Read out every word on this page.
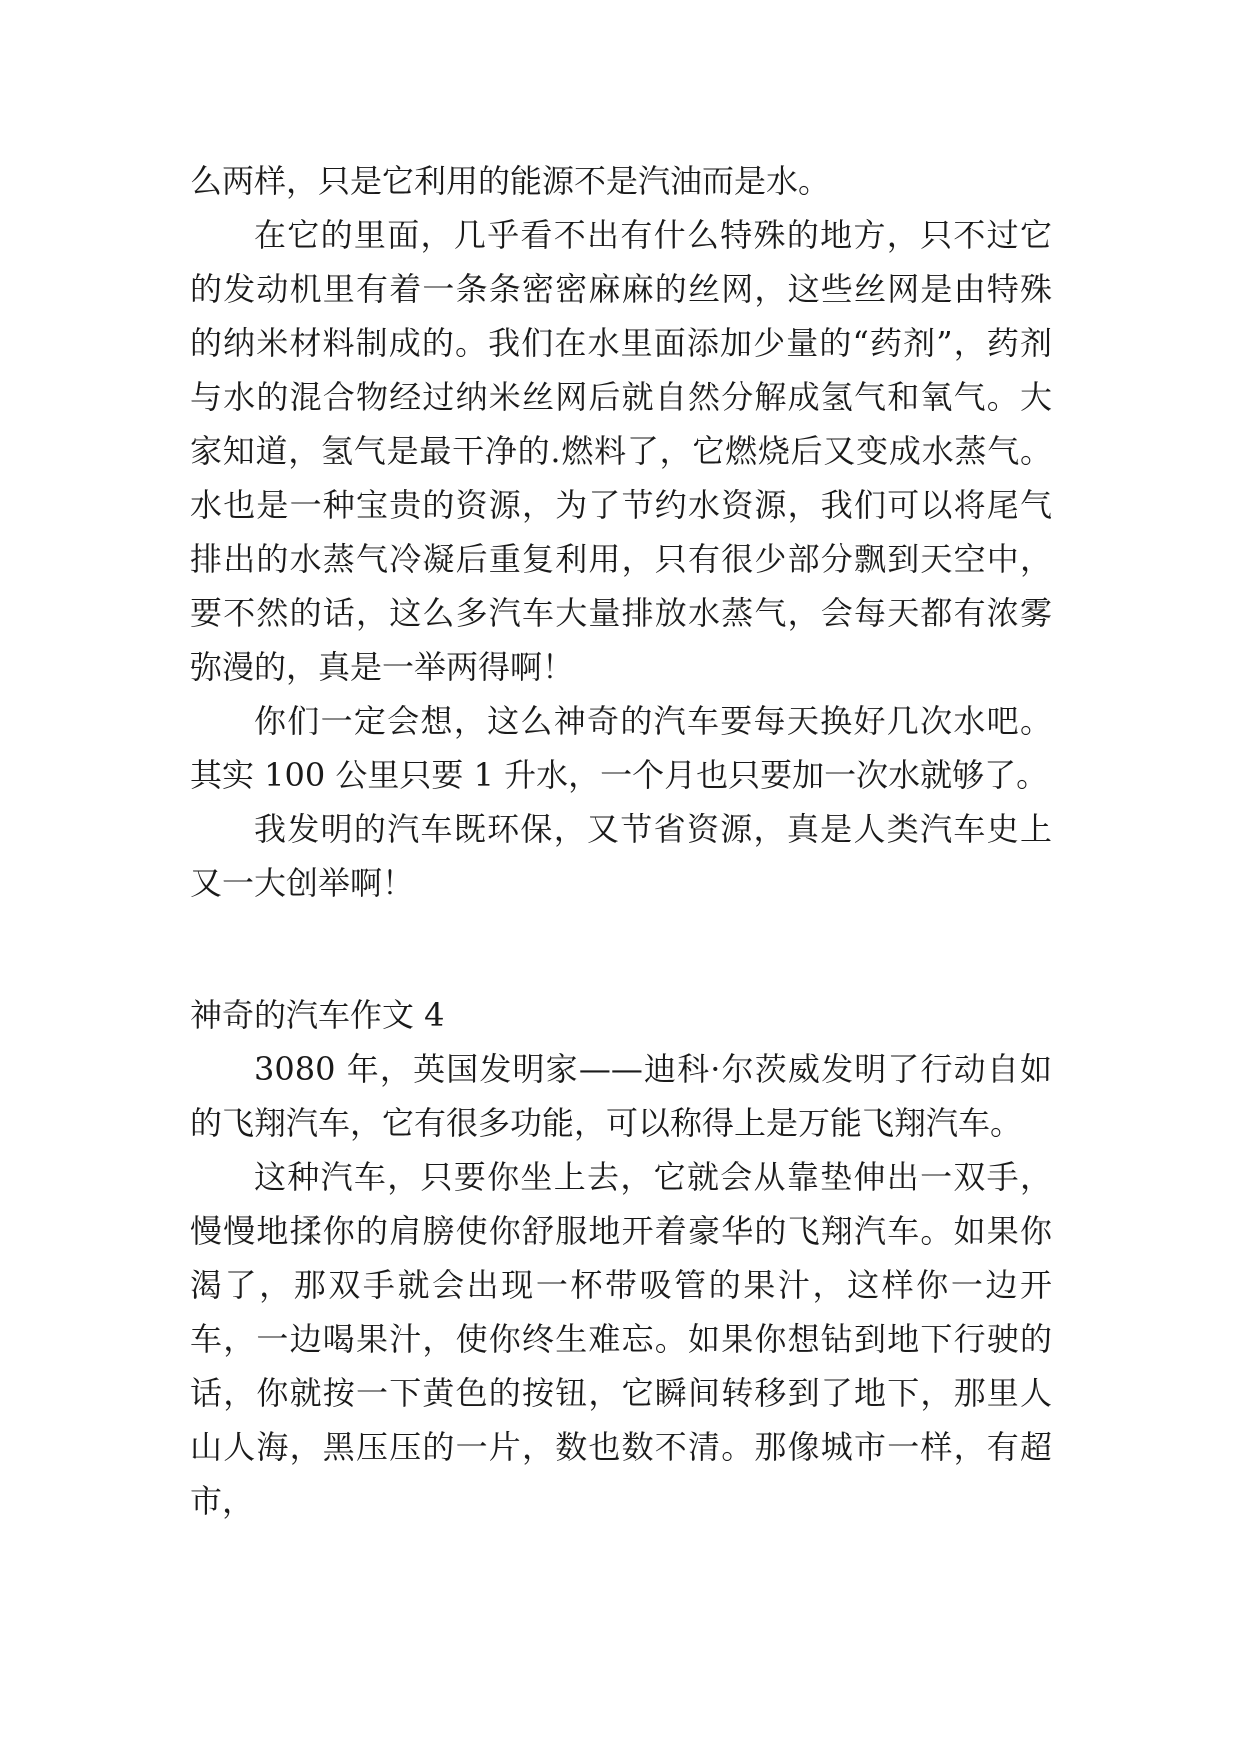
么两样，只是它利用的能源不是汽油而是水。

在它的里面，几乎看不出有什么特殊的地方，只不过它的发动机里有着一条条密密麻麻的丝网，这些丝网是由特殊的纳米材料制成的。我们在水里面添加少量的“药剂”，药剂与水的混合物经过纳米丝网后就自然分解成氢气和氧气。大家知道，氢气是最干净的.燃料了，它燃烧后又变成水蒸气。水也是一种宝贵的资源，为了节约水资源，我们可以将尾气排出的水蒸气冷凝后重复利用，只有很少部分飘到天空中，要不然的话，这么多汽车大量排放水蒸气，会每天都有浓雾弥漫的，真是一举两得啊！

你们一定会想，这么神奇的汽车要每天换好几次水吧。其实 100 公里只要 1 升水，一个月也只要加一次水就够了。

我发明的汽车既环保，又节省资源，真是人类汽车史上又一大创举啊！

神奇的汽车作文 4

3080 年，英国发明家——迪科·尔茨威发明了行动自如的飞翔汽车，它有很多功能，可以称得上是万能飞翔汽车。

这种汽车，只要你坐上去，它就会从靠垫伸出一双手，慢慢地揉你的肩膀使你舒服地开着豪华的飞翔汽车。如果你渴了，那双手就会出现一杯带吸管的果汁，这样你一边开车，一边喝果汁，使你终生难忘。如果你想钻到地下行驶的话，你就按一下黄色的按钮，它瞬间转移到了地下，那里人山人海，黑压压的一片，数也数不清。那像城市一样，有超市，
